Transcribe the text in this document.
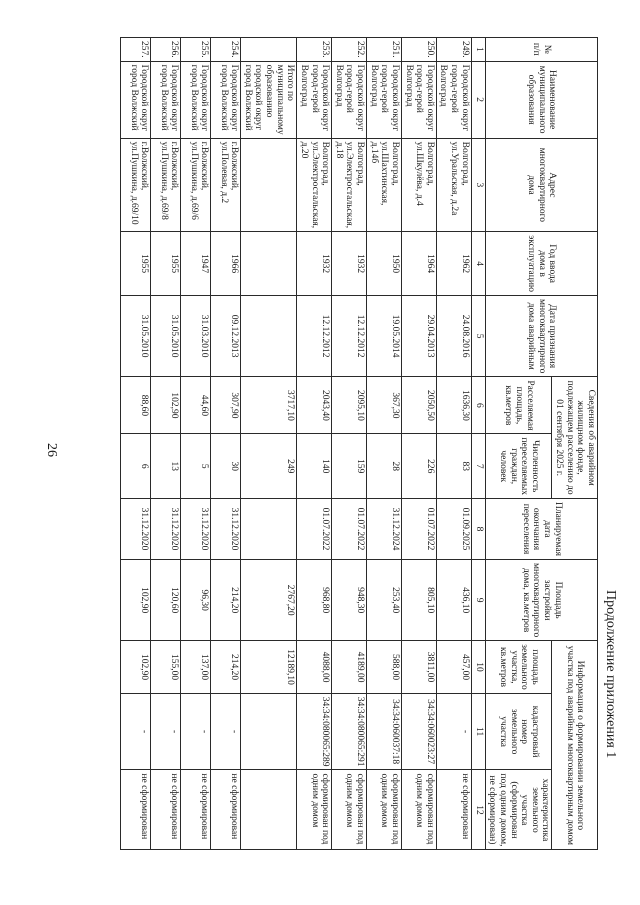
26
Продолжение приложения 1
№ п/п	Наименование муниципального образования	Адрес многоквартирного дома	Год ввода дома в эксплуатацию	Дата признания многоквартирного дома аварийным	Сведения об аварийном жилищном фонде, подлежащем расселению до 01 сентября 2025 г.		Планируемая дата окончания переселения	Площадь застройки многоквартирного дома, кв.метров	Информация о формировании земельного участка под аварийным многоквартирным домом		
					Расселяемая площадь, кв.метров	Численность переселяемых граждан, человек			площадь земельного участка, кв.метров	кадастровый номер земельного участка	характеристика земельного участка (сформирован под одним домом, не сформирован)
1	2	3	4	5	6	7	8	9	10	11	12
249.	Городской округ город-герой Волгоград	Волгоград, ул.Уральская, д.2а	1962	24.08.2016	1636,30	83	01.09.2025	436,10	457,00	-	не сформирован
250.	Городской округ город-герой Волгоград	Волгоград, ул.Шкулёва, д.4	1964	29.04.2013	2050,50	226	01.07.2022	805,10	3811,00	34:34:060023:27	сформирован под одним домом
251.	Городской округ город-герой Волгоград	Волгоград, ул.Шахтинская, д.14б	1950	19.05.2014	367,30	28	31.12.2024	253,40	588,00	34:34:060037:18	сформирован под одним домом
252.	Городской округ город-герой Волгоград	Волгоград, ул.Электростальская, д.18	1932	12.12.2012	2095,10	159	01.07.2022	948,30	4189,00	34:34:080065:291	сформирован под одним домом
253.	Городской округ город-герой Волгоград	Волгоград, ул.Электростальская, д.20	1932	12.12.2012	2043,40	140	01.07.2022	968,80	4088,00	34:34:080065:289	сформирован под одним домом
	Итого по муниципальному образованию городской округ город Волжский				3717,10	249		2767,20	12189,10		
254.	Городской округ город Волжский	г.Волжский, ул.Полевая, д.2	1966	09.12.2013	307,90	30	31.12.2020	214,20	214,20	-	не сформирован
255.	Городской округ город Волжский	г.Волжский, ул.Пушкина, д.69/6	1947	31.03.2010	44,60	5	31.12.2020	96,30	137,00	-	не сформирован
256.	Городской округ город Волжский	г.Волжский, ул.Пушкина, д.69/8	1955	31.05.2010	102,90	13	31.12.2020	120,60	155,00	-	не сформирован
257.	Городской округ город Волжский	г.Волжский, ул.Пушкина, д.69/10	1955	31.05.2010	88,60	6	31.12.2020	102,90	102,90	-	не сформирован
